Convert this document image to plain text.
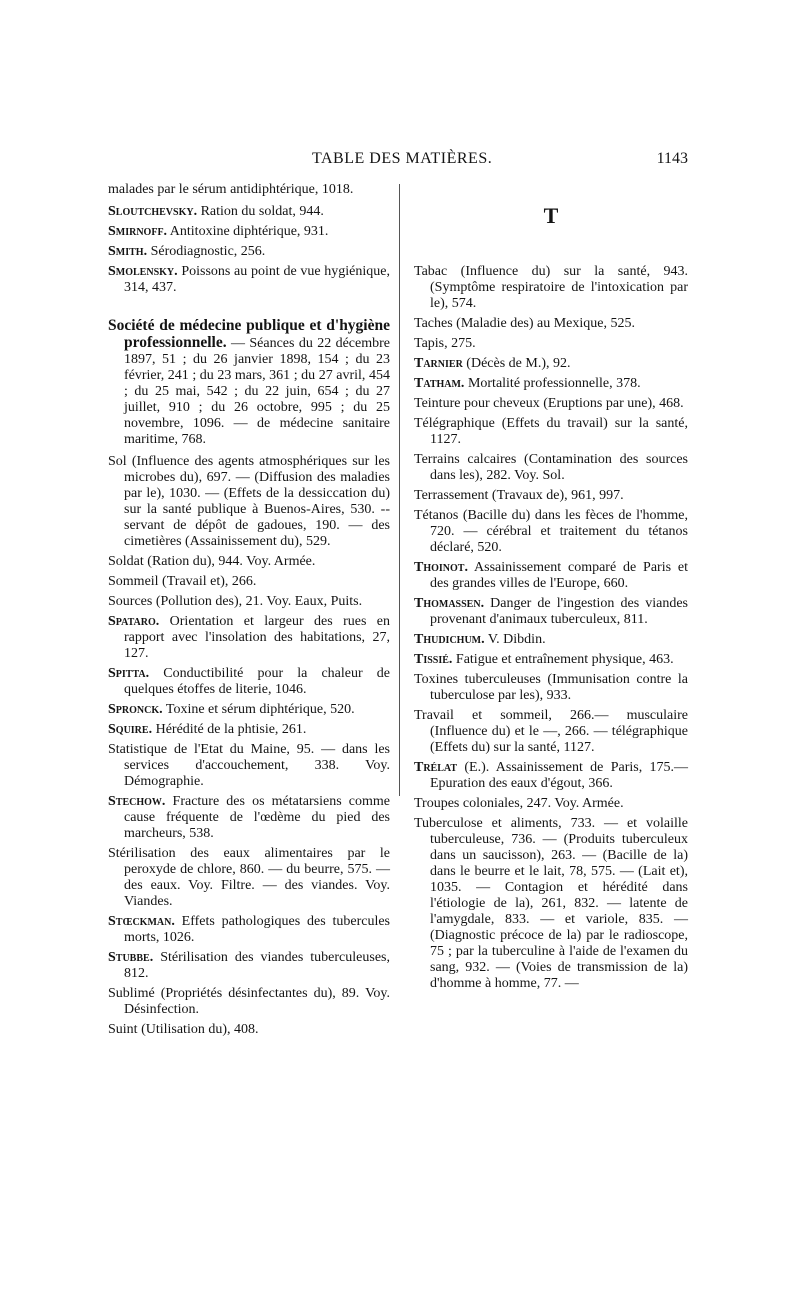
TABLE DES MATIÈRES.	1143

malades par le sérum antidiphtérique, 1018.

Sloutchevsky. Ration du soldat, 944.

Smirnoff. Antitoxine diphtérique, 931.

Smith. Sérodiagnostic, 256.

Smolensky. Poissons au point de vue hygiénique, 314, 437.

Société de médecine publique et d'hygiène professionnelle. — Séances du 22 décembre 1897, 51 ; du 26 janvier 1898, 154 ; du 23 février, 241 ; du 23 mars, 361 ; du 27 avril, 454 ; du 25 mai, 542 ; du 22 juin, 654 ; du 27 juillet, 910 ; du 26 octobre, 995 ; du 25 novembre, 1096. — de médecine sanitaire maritime, 768.

Sol (Influence des agents atmosphériques sur les microbes du), 697. — (Diffusion des maladies par le), 1030. — (Effets de la dessiccation du) sur la santé publique à Buenos-Aires, 530. -- servant de dépôt de gadoues, 190. — des cimetières (Assainissement du), 529.

Soldat (Ration du), 944. Voy. Armée.

Sommeil (Travail et), 266.

Sources (Pollution des), 21. Voy. Eaux, Puits.

Spataro. Orientation et largeur des rues en rapport avec l'insolation des habitations, 27, 127.

Spitta. Conductibilité pour la chaleur de quelques étoffes de literie, 1046.

Spronck. Toxine et sérum diphtérique, 520.

Squire. Hérédité de la phtisie, 261.

Statistique de l'Etat du Maine, 95. — dans les services d'accouchement, 338. Voy. Démographie.

Stechow. Fracture des os métatarsiens comme cause fréquente de l'œdème du pied des marcheurs, 538.

Stérilisation des eaux alimentaires par le peroxyde de chlore, 860. — du beurre, 575. — des eaux. Voy. Filtre. — des viandes. Voy. Viandes.

Stœckman. Effets pathologiques des tubercules morts, 1026.

Stubbe. Stérilisation des viandes tuberculeuses, 812.

Sublimé (Propriétés désinfectantes du), 89. Voy. Désinfection.

Suint (Utilisation du), 408.

T

Tabac (Influence du) sur la santé, 943. (Symptôme respiratoire de l'intoxication par le), 574.

Taches (Maladie des) au Mexique, 525.

Tapis, 275.

Tarnier (Décès de M.), 92.

Tatham. Mortalité professionnelle, 378.

Teinture pour cheveux (Eruptions par une), 468.

Télégraphique (Effets du travail) sur la santé, 1127.

Terrains calcaires (Contamination des sources dans les), 282. Voy. Sol.

Terrassement (Travaux de), 961, 997.

Tétanos (Bacille du) dans les fèces de l'homme, 720. — cérébral et traitement du tétanos déclaré, 520.

Thoinot. Assainissement comparé de Paris et des grandes villes de l'Europe, 660.

Thomassen. Danger de l'ingestion des viandes provenant d'animaux tuberculeux, 811.

Thudichum. V. Dibdin.

Tissié. Fatigue et entraînement physique, 463.

Toxines tuberculeuses (Immunisation contre la tuberculose par les), 933.

Travail et sommeil, 266.— musculaire (Influence du) et le —, 266. — télégraphique (Effets du) sur la santé, 1127.

Trélat (E.). Assainissement de Paris, 175.— Epuration des eaux d'égout, 366.

Troupes coloniales, 247. Voy. Armée.

Tuberculose et aliments, 733. — et volaille tuberculeuse, 736. — (Produits tuberculeux dans un saucisson), 263. — (Bacille de la) dans le beurre et le lait, 78, 575. — (Lait et), 1035. — Contagion et hérédité dans l'étiologie de la), 261, 832. — latente de l'amygdale, 833. — et variole, 835. — (Diagnostic précoce de la) par le radioscope, 75 ; par la tuberculine à l'aide de l'examen du sang, 932. — (Voies de transmission de la) d'homme à homme, 77. —
